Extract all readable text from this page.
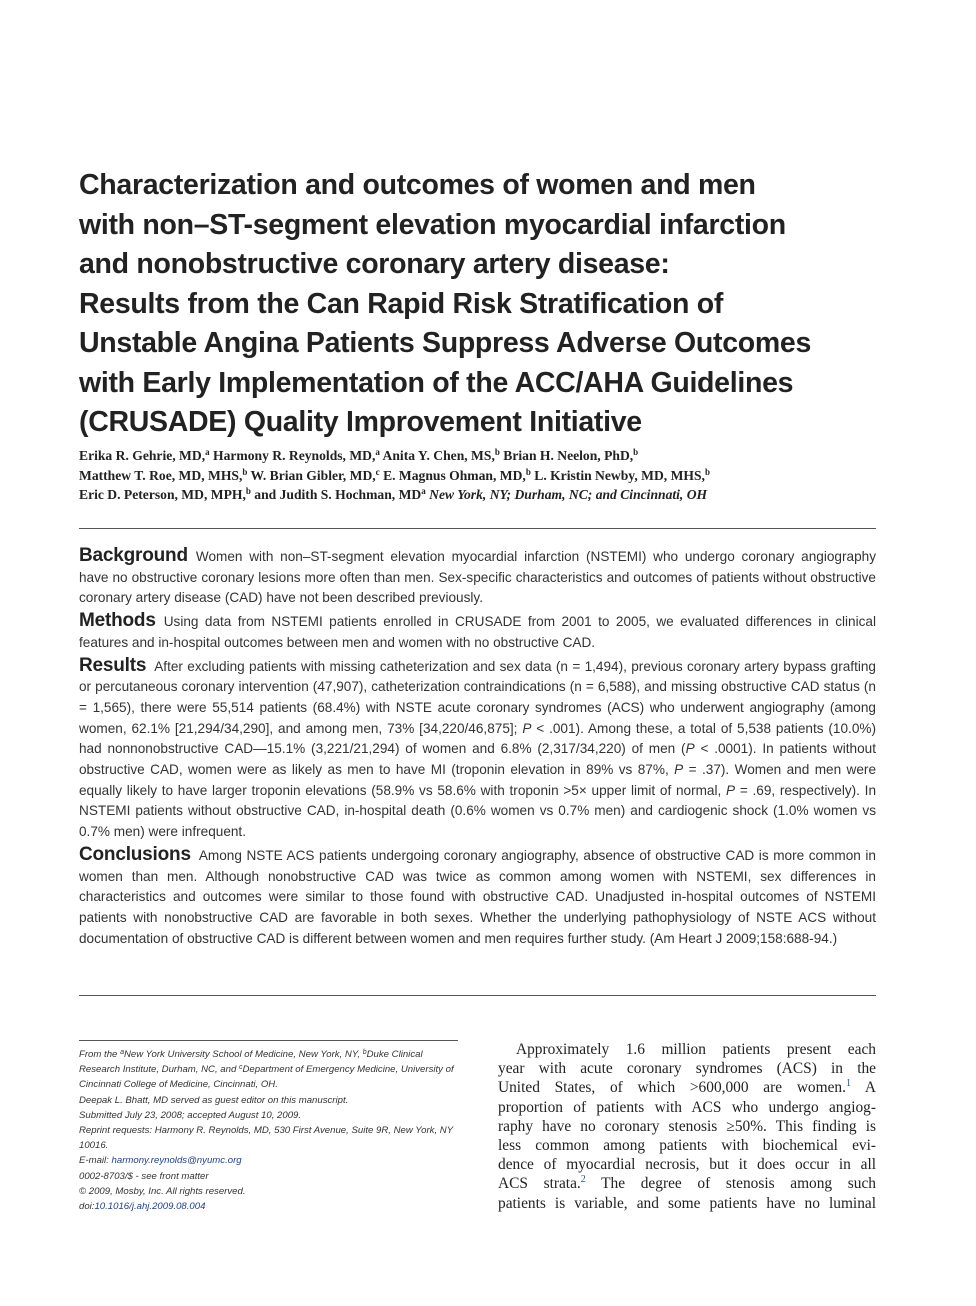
Characterization and outcomes of women and men
with non–ST-segment elevation myocardial infarction
and nonobstructive coronary artery disease:
Results from the Can Rapid Risk Stratification of
Unstable Angina Patients Suppress Adverse Outcomes
with Early Implementation of the ACC/AHA Guidelines
(CRUSADE) Quality Improvement Initiative
Erika R. Gehrie, MD,$^a$ Harmony R. Reynolds, MD,$^a$ Anita Y. Chen, MS,$^b$ Brian H. Neelon, PhD,$^b$
Matthew T. Roe, MD, MHS,$^b$ W. Brian Gibler, MD,$^c$ E. Magnus Ohman, MD,$^b$ L. Kristin Newby, MD, MHS,$^b$
Eric D. Peterson, MD, MPH,$^b$ and Judith S. Hochman, $MD^a$ New York, NY; Durham, NC; and Cincinnati, OH

Background Women with non–ST-segment elevation myocardial infarction (NSTEMI) who undergo coronary angiography have no obstructive coronary lesions more often than men. Sex-specific characteristics and outcomes of patients without obstructive coronary artery disease (CAD) have not been described previously.

Methods Using data from NSTEMI patients enrolled in CRUSADE from 2001 to 2005, we evaluated differences in clinical features and in-hospital outcomes between men and women with no obstructive CAD.

Results After excluding patients with missing catheterization and sex data (n = 1,494), previous coronary artery bypass grafting or percutaneous coronary intervention (47,907), catheterization contraindications (n = 6,588), and missing obstructive CAD status (n = 1,565), there were 55,514 patients (68.4%) with NSTE acute coronary syndromes (ACS) who underwent angiography (among women, 62.1% [21,294/34,290], and among men, 73% [34,220/46,875]; P < .001). Among these, a total of 5,538 patients (10.0%) had nonnonobstructive CAD—15.1% (3,221/21,294) of women and 6.8% (2,317/34,220) of men (P < .0001). In patients without obstructive CAD, women were as likely as men to have MI (troponin elevation in 89% vs 87%, P = .37). Women and men were equally likely to have larger troponin elevations (58.9% vs 58.6% with troponin >5× upper limit of normal, P = .69, respectively). In NSTEMI patients without obstructive CAD, in-hospital death (0.6% women vs 0.7% men) and cardiogenic shock (1.0% women vs 0.7% men) were infrequent.

Conclusions Among NSTE ACS patients undergoing coronary angiography, absence of obstructive CAD is more common in women than men. Although nonobstructive CAD was twice as common among women with NSTEMI, sex differences in characteristics and outcomes were similar to those found with obstructive CAD. Unadjusted in-hospital outcomes of NSTEMI patients with nonobstructive CAD are favorable in both sexes. Whether the underlying pathophysiology of NSTE ACS without documentation of obstructive CAD is different between women and men requires further study. (Am Heart J 2009;158:688-94.)

From the $^a$New York University School of Medicine, New York, NY, $^b$Duke Clinical
Research Institute, Durham, NC, and $^c$Department of Emergency Medicine, University of
Cincinnati College of Medicine, Cincinnati, OH.
Deepak L. Bhatt, MD served as guest editor on this manuscript.
Submitted July 23, 2008; accepted August 10, 2009.
Reprint requests: Harmony R. Reynolds, MD, 530 First Avenue, Suite 9R, New York, NY
10016.
E-mail: harmony.reynolds@nyumc.org
0002-8703/$ - see front matter
© 2009, Mosby, Inc. All rights reserved.
doi:10.1016/j.ahj.2009.08.004
Approximately 1.6 million patients present each
year with acute coronary syndromes (ACS) in the
United States, of which >600,000 are women.$^1$ A
proportion of patients with ACS who undergo angiog-
raphy have no coronary stenosis ≥50%. This finding is
less common among patients with biochemical evi-
dence of myocardial necrosis, but it does occur in all
ACS strata.$^2$ The degree of stenosis among such
patients is variable, and some patients have no luminal
